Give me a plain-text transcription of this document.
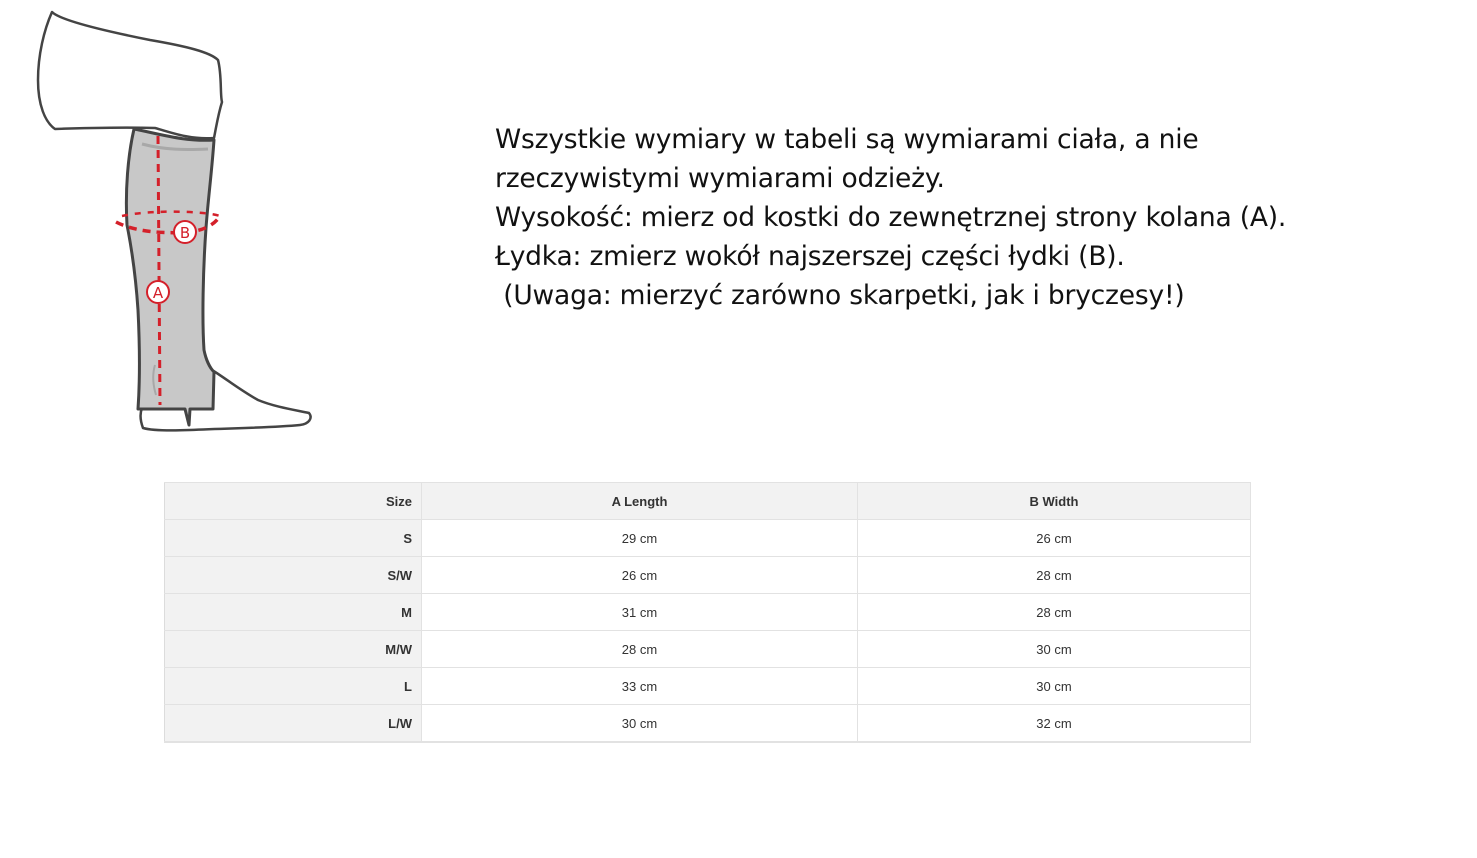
B
A
Wszystkie wymiary w tabeli są wymiarami ciała, a nie
rzeczywistymi wymiarami odzieży.
Wysokość: mierz od kostki do zewnętrznej strony kolana (A).
Łydka: zmierz wokół najszerszej części łydki (B).
(Uwaga: mierzyć zarówno skarpetki, jak i bryczesy!)
Size	A Length	B Width
S	29 cm	26 cm
S/W	26 cm	28 cm
M	31 cm	28 cm
M/W	28 cm	30 cm
L	33 cm	30 cm
L/W	30 cm	32 cm
